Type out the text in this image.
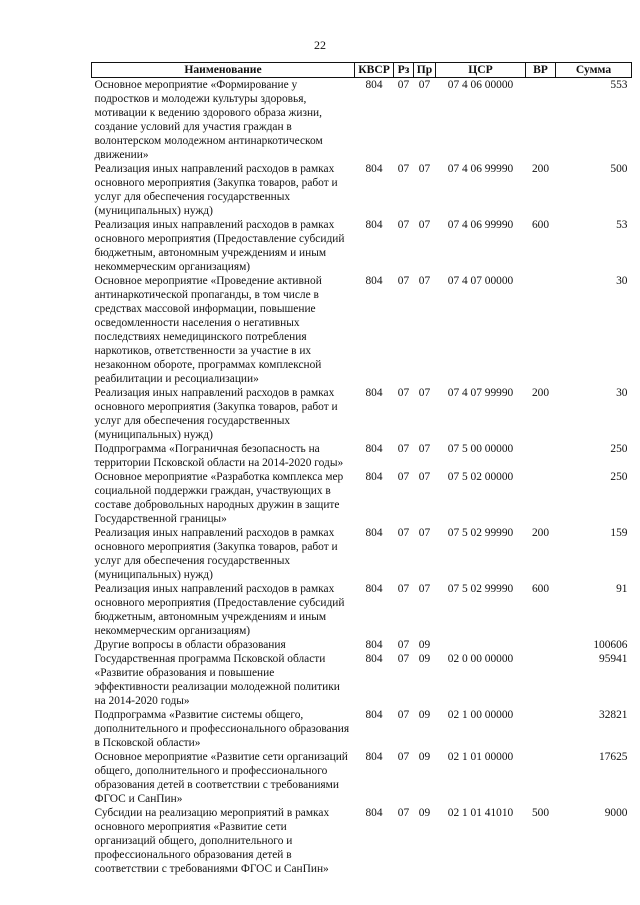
22
Наименование	КВСР	Рз	Пр	ЦСР	ВР	Сумма
Основное мероприятие «Формирование у подростков и молодежи культуры здоровья, мотивации к ведению здорового образа жизни, создание условий для участия граждан в волонтерском молодежном антинаркотическом движении»	804	07	07	07 4 06 00000		553
Реализация иных направлений расходов в рамках основного мероприятия (Закупка товаров, работ и услуг для обеспечения государственных (муниципальных) нужд)	804	07	07	07 4 06 99990	200	500
Реализация иных направлений расходов в рамках основного мероприятия (Предоставление субсидий бюджетным, автономным учреждениям и иным некоммерческим организациям)	804	07	07	07 4 06 99990	600	53
Основное мероприятие «Проведение активной антинаркотической пропаганды, в том числе в средствах массовой информации, повышение осведомленности населения о негативных последствиях немедицинского потребления наркотиков, ответственности за участие в их незаконном обороте, программах комплексной реабилитации и ресоциализации»	804	07	07	07 4 07 00000		30
Реализация иных направлений расходов в рамках основного мероприятия (Закупка товаров, работ и услуг для обеспечения государственных (муниципальных) нужд)	804	07	07	07 4 07 99990	200	30
Подпрограмма «Пограничная безопасность на территории Псковской области на 2014-2020 годы»	804	07	07	07 5 00 00000		250
Основное мероприятие «Разработка комплекса мер социальной поддержки граждан, участвующих в составе добровольных народных дружин в защите Государственной границы»	804	07	07	07 5 02 00000		250
Реализация иных направлений расходов в рамках основного мероприятия (Закупка товаров, работ и услуг для обеспечения государственных (муниципальных) нужд)	804	07	07	07 5 02 99990	200	159
Реализация иных направлений расходов в рамках основного мероприятия (Предоставление субсидий бюджетным, автономным учреждениям и иным некоммерческим организациям)	804	07	07	07 5 02 99990	600	91
Другие вопросы в области образования	804	07	09			100606
Государственная программа Псковской области «Развитие образования и повышение эффективности реализации молодежной политики на 2014-2020 годы»	804	07	09	02 0 00 00000		95941
Подпрограмма «Развитие системы общего, дополнительного и профессионального образования в Псковской области»	804	07	09	02 1 00 00000		32821
Основное мероприятие «Развитие сети организаций общего, дополнительного и профессионального образования детей в соответствии с требованиями ФГОС и СанПин»	804	07	09	02 1 01 00000		17625
Субсидии на реализацию мероприятий в рамках основного мероприятия «Развитие сети организаций общего, дополнительного и профессионального образования детей в соответствии с требованиями ФГОС и СанПин»	804	07	09	02 1 01 41010	500	9000
